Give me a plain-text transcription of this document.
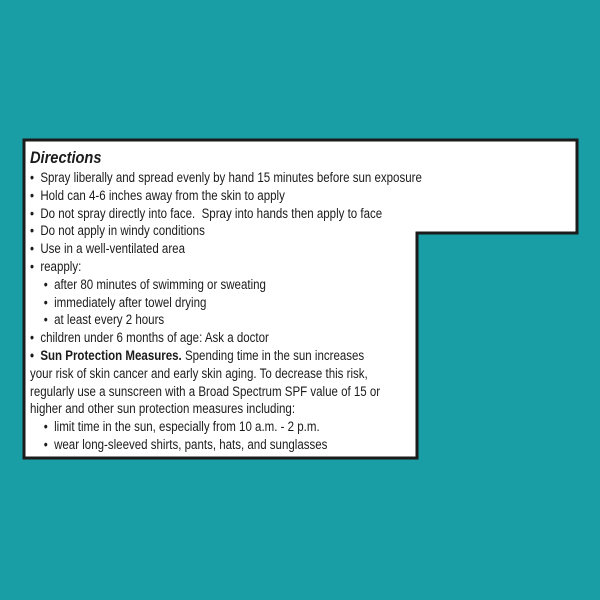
Directions
• Spray liberally and spread evenly by hand 15 minutes before sun exposure
• Hold can 4-6 inches away from the skin to apply
• Do not spray directly into face.  Spray into hands then apply to face
• Do not apply in windy conditions
• Use in a well-ventilated area
• reapply:
• after 80 minutes of swimming or sweating
• immediately after towel drying
• at least every 2 hours
• children under 6 months of age: Ask a doctor
• Sun Protection Measures. Spending time in the sun increases
your risk of skin cancer and early skin aging. To decrease this risk,
regularly use a sunscreen with a Broad Spectrum SPF value of 15 or
higher and other sun protection measures including:
• limit time in the sun, especially from 10 a.m. - 2 p.m.
• wear long-sleeved shirts, pants, hats, and sunglasses
